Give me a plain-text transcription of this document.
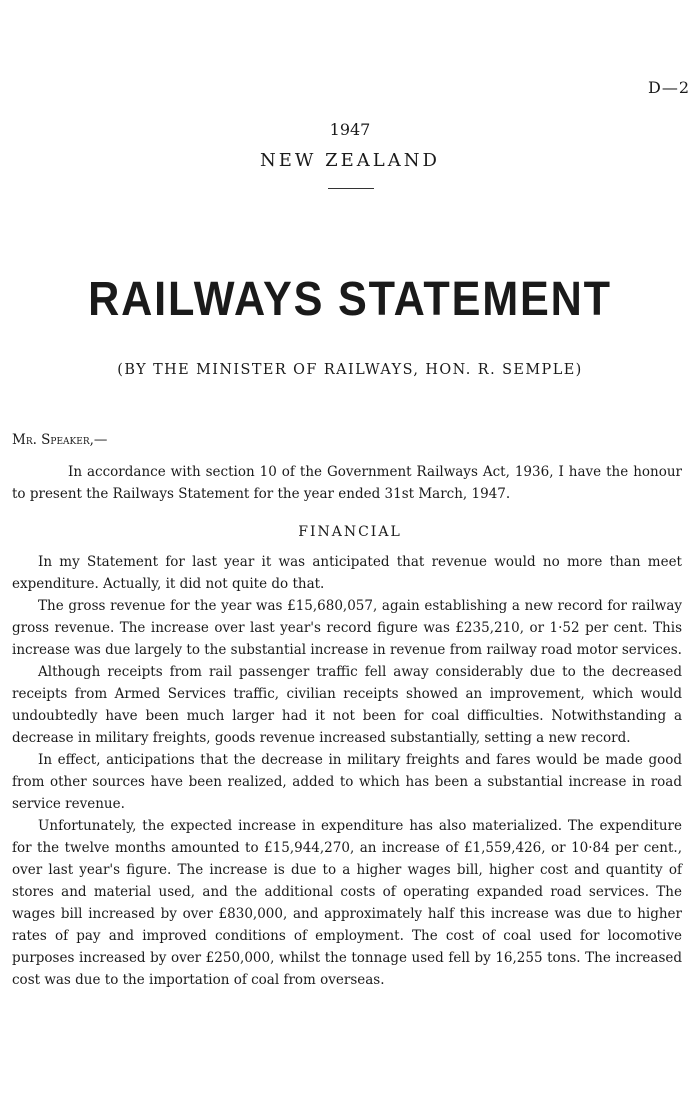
D—2
1947
NEW ZEALAND
RAILWAYS STATEMENT
(BY THE MINISTER OF RAILWAYS, HON. R. SEMPLE)
Mr. Speaker,—

In accordance with section 10 of the Government Railways Act, 1936, I have the honour to present the Railways Statement for the year ended 31st March, 1947.

FINANCIAL

In my Statement for last year it was anticipated that revenue would no more than meet expenditure. Actually, it did not quite do that.

The gross revenue for the year was £15,680,057, again establishing a new record for railway gross revenue. The increase over last year's record figure was £235,210, or 1·52 per cent. This increase was due largely to the substantial increase in revenue from railway road motor services.

Although receipts from rail passenger traffic fell away considerably due to the decreased receipts from Armed Services traffic, civilian receipts showed an improvement, which would undoubtedly have been much larger had it not been for coal difficulties. Notwithstanding a decrease in military freights, goods revenue increased substantially, setting a new record.

In effect, anticipations that the decrease in military freights and fares would be made good from other sources have been realized, added to which has been a substantial increase in road service revenue.

Unfortunately, the expected increase in expenditure has also materialized. The expenditure for the twelve months amounted to £15,944,270, an increase of £1,559,426, or 10·84 per cent., over last year's figure. The increase is due to a higher wages bill, higher cost and quantity of stores and material used, and the additional costs of operating expanded road services. The wages bill increased by over £830,000, and approximately half this increase was due to higher rates of pay and improved conditions of employment. The cost of coal used for locomotive purposes increased by over £250,000, whilst the tonnage used fell by 16,255 tons. The increased cost was due to the importation of coal from overseas.
